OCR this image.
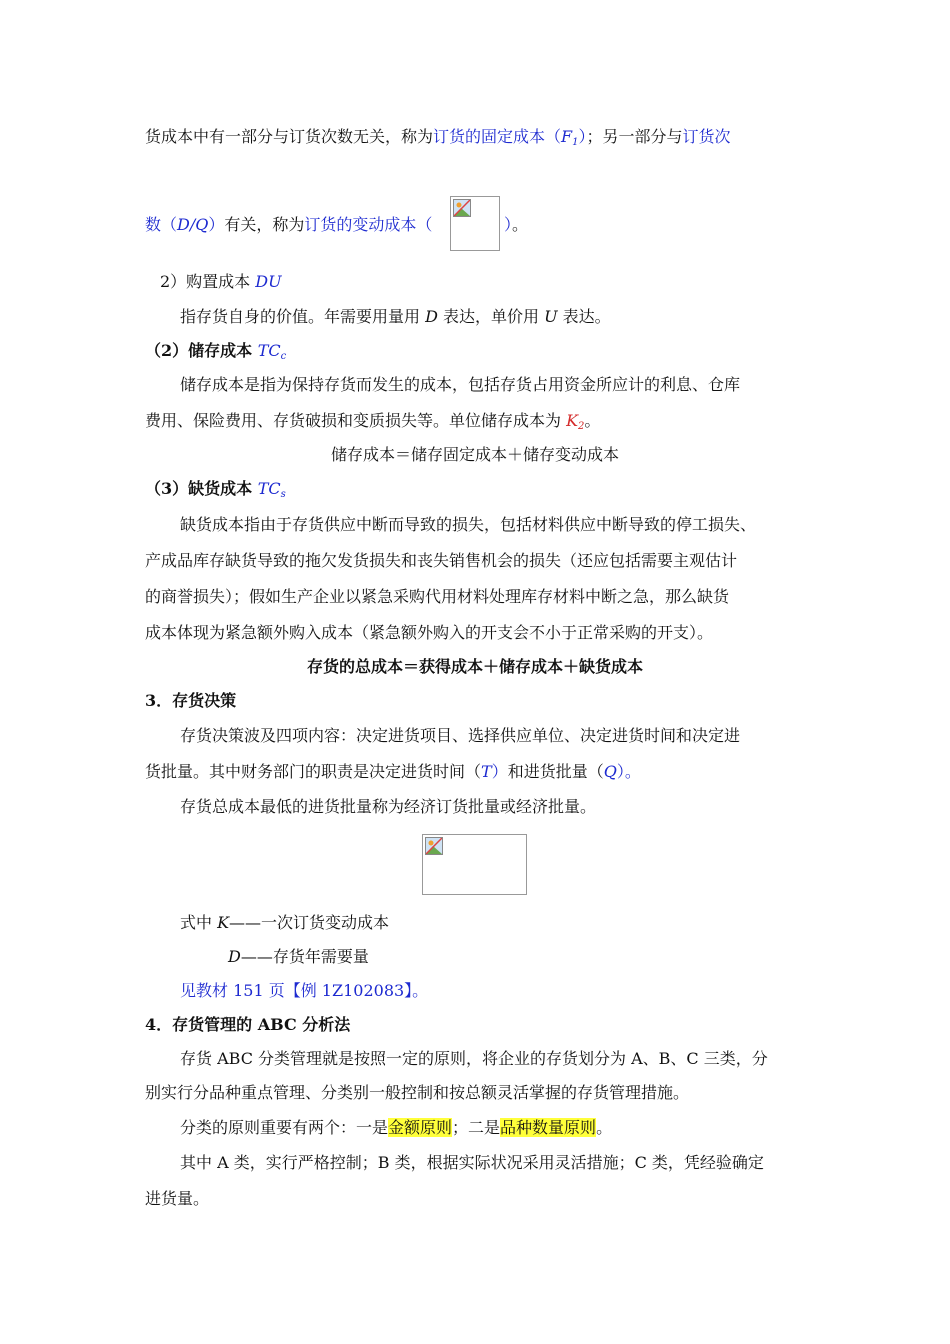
货成本中有一部分与订货次数无关，称为订货的固定成本$(F_1)$；另一部分与订货次
数（D/Q）有关，称为订货的变动成本（	）。
2）购置成本 DU
指存货自身的价值。年需要用量用 D 表达，单价用 U 表达。
（2）储存成本 $TC_c$
储存成本是指为保持存货而发生的成本，包括存货占用资金所应计的利息、仓库
费用、保险费用、存货破损和变质损失等。单位储存成本为 $K_2$。
储存成本＝储存固定成本＋储存变动成本
（3）缺货成本 $TC_s$
缺货成本指由于存货供应中断而导致的损失，包括材料供应中断导致的停工损失、
产成品库存缺货导致的拖欠发货损失和丧失销售机会的损失（还应包括需要主观估计
的商誉损失）；假如生产企业以紧急采购代用材料处理库存材料中断之急，那么缺货
成本体现为紧急额外购入成本（紧急额外购入的开支会不小于正常采购的开支）。
存货的总成本＝获得成本＋储存成本＋缺货成本
3．存货决策
存货决策波及四项内容：决定进货项目、选择供应单位、决定进货时间和决定进
货批量。其中财务部门的职责是决定进货时间（T）和进货批量（Q）。
存货总成本最低的进货批量称为经济订货批量或经济批量。
式中 K——一次订货变动成本
D——存货年需要量
见教材 151 页【例 1Z102083】。
4．存货管理的 ABC 分析法
存货 ABC 分类管理就是按照一定的原则，将企业的存货划分为 A、B、C 三类，分
别实行分品种重点管理、分类别一般控制和按总额灵活掌握的存货管理措施。
分类的原则重要有两个：一是金额原则；二是品种数量原则。
其中 A 类，实行严格控制；B 类，根据实际状况采用灵活措施；C 类，凭经验确定
进货量。
